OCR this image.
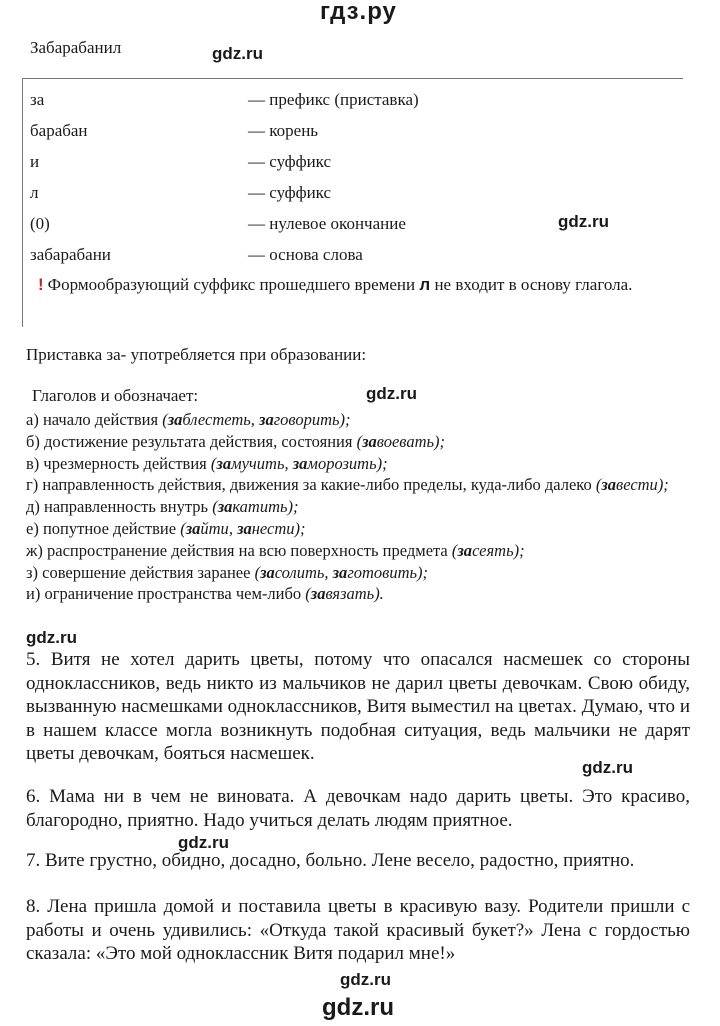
гдз.ру
Забарабанил	gdz.ru
за	— префикс (приставка)
барабан	— корень
и	— суффикс
л	— суффикс
(0)	— нулевое окончание
забарабани	— основа слова
gdz.ru
! Формообразующий суффикс прошедшего времени л не входит в основу глагола.
Приставка за- употребляется при образовании:
Глаголов и обозначает:	gdz.ru
а) начало действия (заблестеть, заговорить);
б) достижение результата действия, состояния (завоевать);
в) чрезмерность действия (замучить, заморозить);
г) направленность действия, движения за какие-либо пределы, куда-либо далеко (завести);
д) направленность внутрь (закатить);
е) попутное действие (зайти, занести);
ж) распространение действия на всю поверхность предмета (засеять);
з) совершение действия заранее (засолить, заготовить);
и) ограничение пространства чем-либо (завязать).
gdz.ru
5. Витя не хотел дарить цветы, потому что опасался насмешек со стороны одноклассников, ведь никто из мальчиков не дарил цветы девочкам. Свою обиду, вызванную насмешками одноклассников, Витя выместил на цветах. Думаю, что и в нашем классе могла возникнуть подобная ситуация, ведь мальчики не дарят цветы девочкам, бояться насмешек.
gdz.ru
6. Мама ни в чем не виновата. А девочкам надо дарить цветы. Это красиво, благородно, приятно. Надо учиться делать людям приятное.
gdz.ru
7. Вите грустно, обидно, досадно, больно. Лене весело, радостно, приятно.
8. Лена пришла домой и поставила цветы в красивую вазу. Родители пришли с работы и очень удивились: «Откуда такой красивый букет?» Лена с гордостью сказала: «Это мой одноклассник Витя подарил мне!»
gdz.ru
gdz.ru
